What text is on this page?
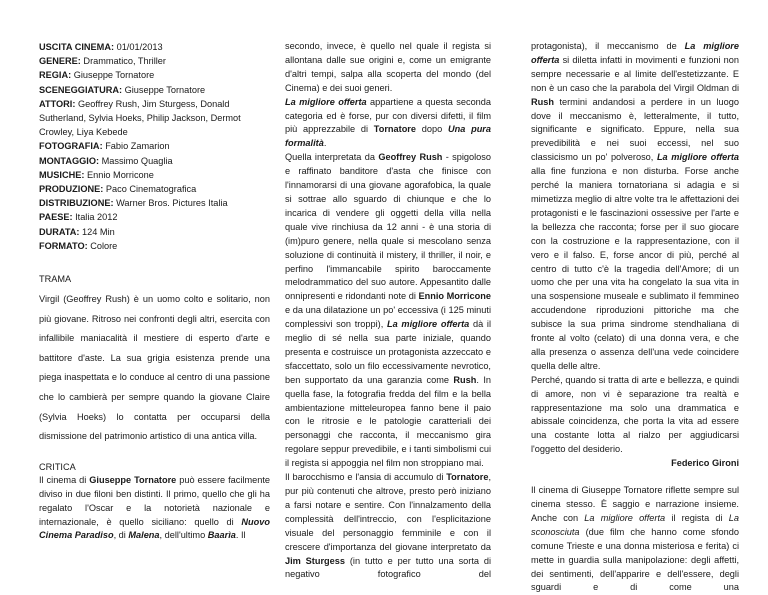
USCITA CINEMA: 01/01/2013

GENERE: Drammatico, Thriller

REGIA: Giuseppe Tornatore

SCENEGGIATURA: Giuseppe Tornatore

ATTORI: Geoffrey Rush, Jim Sturgess, Donald

Sutherland, Sylvia Hoeks, Philip Jackson, Dermot

Crowley, Liya Kebede

FOTOGRAFIA: Fabio Zamarion

MONTAGGIO: Massimo Quaglia

MUSICHE: Ennio Morricone

PRODUZIONE: Paco Cinematografica

DISTRIBUZIONE: Warner Bros. Pictures Italia

PAESE: Italia 2012

DURATA: 124 Min

FORMATO: Colore

TRAMA

Virgil (Geoffrey Rush) è un uomo colto e solitario, non più giovane. Ritroso nei confronti degli altri, esercita con infallibile maniacalità il mestiere di esperto d'arte e battitore d'aste. La sua grigia esistenza prende una piega inaspettata e lo conduce al centro di una passione che lo cambierà per sempre quando la giovane Claire (Sylvia Hoeks) lo contatta per occuparsi della dismissione del patrimonio artistico di una antica villa.

CRITICA

Il cinema di Giuseppe Tornatore può essere facilmente diviso in due filoni ben distinti. Il primo, quello che gli ha regalato l'Oscar e la notorietà nazionale e internazionale, è quello siciliano: quello di Nuovo Cinema Paradiso, di Malena, dell'ultimo Baarìa. Il

secondo, invece, è quello nel quale il regista si allontana dalle sue origini e, come un emigrante d'altri tempi, salpa alla scoperta del mondo (del Cinema) e dei suoi generi.

La migliore offerta appartiene a questa seconda categoria ed è forse, pur con diversi difetti, il film più apprezzabile di Tornatore dopo Una pura formalità.

Quella interpretata da Geoffrey Rush - spigoloso e raffinato banditore d'asta che finisce con l'innamorarsi di una giovane agorafobica, la quale si sottrae allo sguardo di chiunque e che lo incarica di vendere gli oggetti della villa nella quale vive rinchiusa da 12 anni - è una storia di (im)puro genere, nella quale si mescolano senza soluzione di continuità il mistery, il thriller, il noir, e perfino l'immancabile spirito baroccamente melodrammatico del suo autore. Appesantito dalle onnipresenti e ridondanti note di Ennio Morricone e da una dilatazione un po' eccessiva (i 125 minuti complessivi son troppi), La migliore offerta dà il meglio di sé nella sua parte iniziale, quando presenta e costruisce un protagonista azzeccato e sfaccettato, solo un filo eccessivamente nevrotico, ben supportato da una garanzia come Rush. In quella fase, la fotografia fredda del film e la bella ambientazione mitteleuropea fanno bene il paio con le ritrosie e le patologie caratteriali dei personaggi che racconta, il meccanismo gira regolare seppur prevedibile, e i tanti simbolismi cui il regista si appoggia nel film non stroppiano mai.

Il barocchismo e l'ansia di accumulo di Tornatore, pur più contenuti che altrove, presto però iniziano a farsi notare e sentire. Con l'innalzamento della complessità dell'intreccio, con l'esplicitazione visuale del personaggio femminile e con il crescere d'importanza del giovane interpretato da Jim Sturgess (in tutto e per tutto una sorta di negativo fotografico del

protagonista), il meccanismo de La migliore offerta si diletta infatti in movimenti e funzioni non sempre necessarie e al limite dell'estetizzante. E non è un caso che la parabola del Virgil Oldman di Rush termini andandosi a perdere in un luogo dove il meccanismo è, letteralmente, il tutto, significante e significato. Eppure, nella sua prevedibilità e nei suoi eccessi, nel suo classicismo un po' polveroso, La migliore offerta alla fine funziona e non disturba. Forse anche perché la maniera tornatoriana si adagia e si mimetizza meglio di altre volte tra le affettazioni dei protagonisti e le fascinazioni ossessive per l'arte e la bellezza che racconta; forse per il suo giocare con la costruzione e la rappresentazione, con il vero e il falso. E, forse ancor di più, perché al centro di tutto c'è la tragedia dell'Amore; di un uomo che per una vita ha congelato la sua vita in una sospensione museale e sublimato il femmineo accudendone riproduzioni pittoriche ma che subisce la sua prima sindrome stendhaliana di fronte al volto (celato) di una donna vera, e che alla presenza o assenza dell'una vede coincidere quella delle altre.

Perché, quando si tratta di arte e bellezza, e quindi di amore, non vi è separazione tra realtà e rappresentazione ma solo una drammatica e abissale coincidenza, che porta la vita ad essere una costante lotta al rialzo per aggiudicarsi l'oggetto del desiderio.

Federico Gironi

Il cinema di Giuseppe Tornatore riflette sempre sul cinema stesso. È saggio e narrazione insieme. Anche con La migliore offerta il regista di La sconosciuta (due film che hanno come sfondo comune Trieste e una donna misteriosa e ferita) ci mette in guardia sulla manipolazione: degli affetti, dei sentimenti, dell'apparire e dell'essere, degli sguardi e di come una
